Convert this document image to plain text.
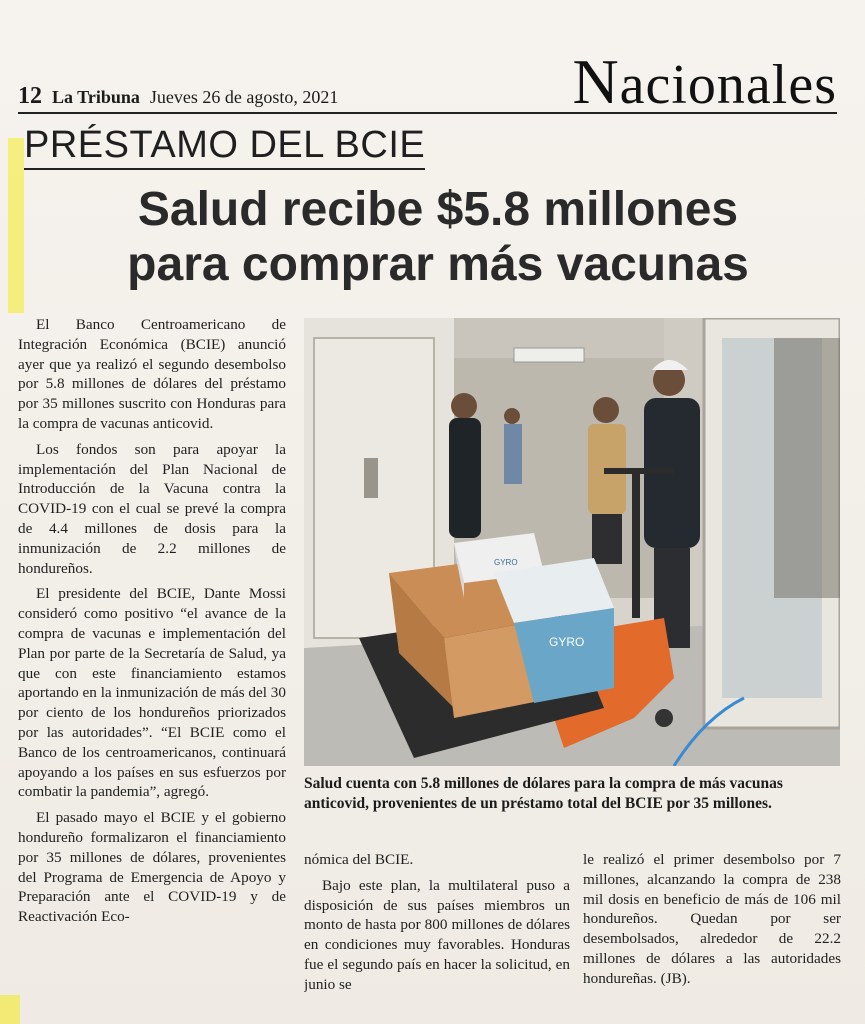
12 La Tribuna Jueves 26 de agosto, 2021	Nacionales
PRÉSTAMO DEL BCIE
Salud recibe $5.8 millones
para comprar más vacunas

El Banco Centroamericano de Integración Económica (BCIE) anunció ayer que ya realizó el segundo desembolso por 5.8 millones de dólares del préstamo por 35 millones suscrito con Honduras para la compra de vacunas anticovid.

Los fondos son para apoyar la implementación del Plan Nacional de Introducción de la Vacuna contra la COVID-19 con el cual se prevé la compra de 4.4 millones de dosis para la inmunización de 2.2 millones de hondureños.

El presidente del BCIE, Dante Mossi consideró como positivo “el avance de la compra de vacunas e implementación del Plan por parte de la Secretaría de Salud, ya que con este financiamiento estamos aportando en la inmunización de más del 30 por ciento de los hondureños priorizados por las autoridades”. “El BCIE como el Banco de los centroamericanos, continuará apoyando a los países en sus esfuerzos por combatir la pandemia”, agregó.

El pasado mayo el BCIE y el gobierno hondureño formalizaron el financiamiento por 35 millones de dólares, provenientes del Programa de Emergencia de Apoyo y Preparación ante el COVID-19 y de Reactivación Eco-

GYRO
GYRO
Salud cuenta con 5.8 millones de dólares para la compra de más vacunas anticovid, provenientes de un préstamo total del BCIE por 35 millones.

nómica del BCIE.

Bajo este plan, la multilateral puso a disposición de sus países miembros un monto de hasta por 800 millones de dólares en condiciones muy favorables. Honduras fue el segundo país en hacer la solicitud, en junio se

le realizó el primer desembolso por 7 millones, alcanzando la compra de 238 mil dosis en beneficio de más de 106 mil hondureños. Quedan por ser desembolsados, alrededor de 22.2 millones de dólares a las autoridades hondureñas. (JB).
